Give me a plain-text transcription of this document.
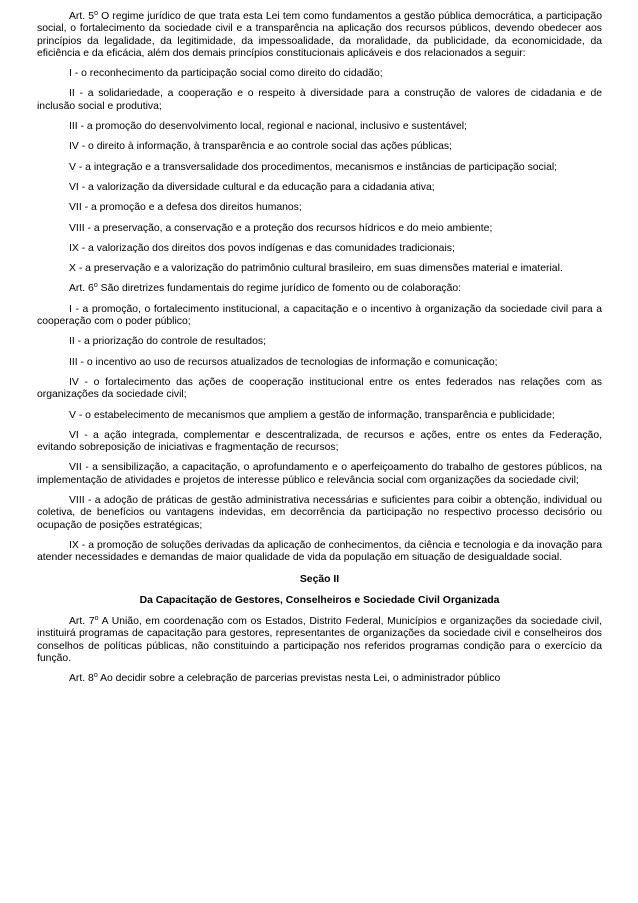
Art. 5$^o$ O regime jurídico de que trata esta Lei tem como fundamentos a gestão pública democrática, a participação social, o fortalecimento da sociedade civil e a transparência na aplicação dos recursos públicos, devendo obedecer aos princípios da legalidade, da legitimidade, da impessoalidade, da moralidade, da publicidade, da economicidade, da eficiência e da eficácia, além dos demais princípios constitucionais aplicáveis e dos relacionados a seguir:

I - o reconhecimento da participação social como direito do cidadão;

II - a solidariedade, a cooperação e o respeito à diversidade para a construção de valores de cidadania e de inclusão social e produtiva;

III - a promoção do desenvolvimento local, regional e nacional, inclusivo e sustentável;

IV - o direito à informação, à transparência e ao controle social das ações públicas;

V - a integração e a transversalidade dos procedimentos, mecanismos e instâncias de participação social;

VI - a valorização da diversidade cultural e da educação para a cidadania ativa;

VII - a promoção e a defesa dos direitos humanos;

VIII - a preservação, a conservação e a proteção dos recursos hídricos e do meio ambiente;

IX - a valorização dos direitos dos povos indígenas e das comunidades tradicionais;

X - a preservação e a valorização do patrimônio cultural brasileiro, em suas dimensões material e imaterial.

Art. 6$^o$ São diretrizes fundamentais do regime jurídico de fomento ou de colaboração:

I - a promoção, o fortalecimento institucional, a capacitação e o incentivo à organização da sociedade civil para a cooperação com o poder público;

II - a priorização do controle de resultados;

III - o incentivo ao uso de recursos atualizados de tecnologias de informação e comunicação;

IV - o fortalecimento das ações de cooperação institucional entre os entes federados nas relações com as organizações da sociedade civil;

V - o estabelecimento de mecanismos que ampliem a gestão de informação, transparência e publicidade;

VI - a ação integrada, complementar e descentralizada, de recursos e ações, entre os entes da Federação, evitando sobreposição de iniciativas e fragmentação de recursos;

VII - a sensibilização, a capacitação, o aprofundamento e o aperfeiçoamento do trabalho de gestores públicos, na implementação de atividades e projetos de interesse público e relevância social com organizações da sociedade civil;

VIII - a adoção de práticas de gestão administrativa necessárias e suficientes para coibir a obtenção, individual ou coletiva, de benefícios ou vantagens indevidas, em decorrência da participação no respectivo processo decisório ou ocupação de posições estratégicas;

IX - a promoção de soluções derivadas da aplicação de conhecimentos, da ciência e tecnologia e da inovação para atender necessidades e demandas de maior qualidade de vida da população em situação de desigualdade social.

Seção II

Da Capacitação de Gestores, Conselheiros e Sociedade Civil Organizada

Art. 7$^o$ A União, em coordenação com os Estados, Distrito Federal, Municípios e organizações da sociedade civil, instituirá programas de capacitação para gestores, representantes de organizações da sociedade civil e conselheiros dos conselhos de políticas públicas, não constituindo a participação nos referidos programas condição para o exercício da função.

Art. 8$^o$ Ao decidir sobre a celebração de parcerias previstas nesta Lei, o administrador público
